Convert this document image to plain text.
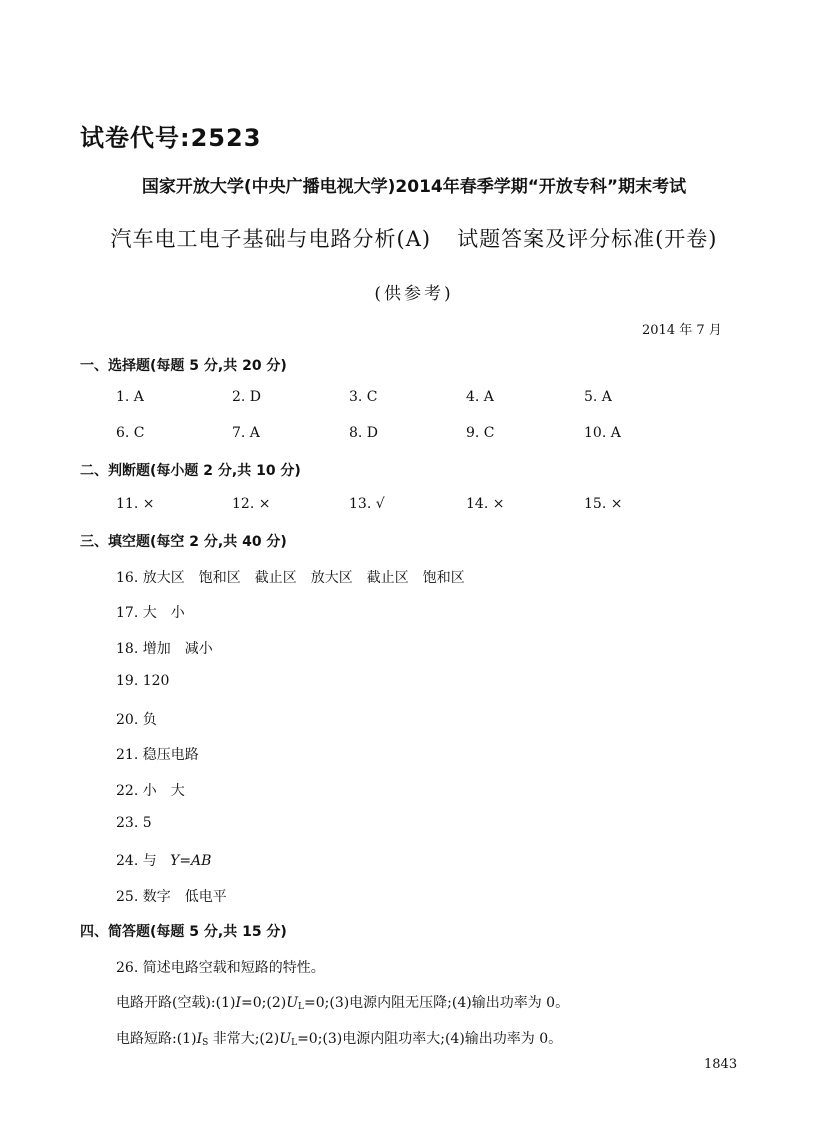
试卷代号:2523
国家开放大学(中央广播电视大学)2014年春季学期“开放专科”期末考试
汽车电工电子基础与电路分析(A) 试题答案及评分标准(开卷)
(供参考)
2014 年 7 月
一、选择题(每题 5 分,共 20 分)
1. A	2. D	3. C	4. A	5. A
6. C	7. A	8. D	9. C	10. A
二、判断题(每小题 2 分,共 10 分)
11. ×	12. ×	13. √	14. ×	15. ×
三、填空题(每空 2 分,共 40 分)
16. 放大区 饱和区 截止区 放大区 截止区 饱和区
17. 大　小
18. 增加　减小
19. 120
20. 负
21. 稳压电路
22. 小　大
23. 5
24. 与 Y=AB
25. 数字　低电平
四、简答题(每题 5 分,共 15 分)
26. 简述电路空载和短路的特性。
电路开路(空载)$:(1)I=0;(2)U_L=0;(3)$电源内阻无压降;(4)输出功率为 0。
电路短路$:(1)I_S$ 非常大$;(2)U_L=0;(3)$电源内阻功率大;(4)输出功率为 0。
1843
